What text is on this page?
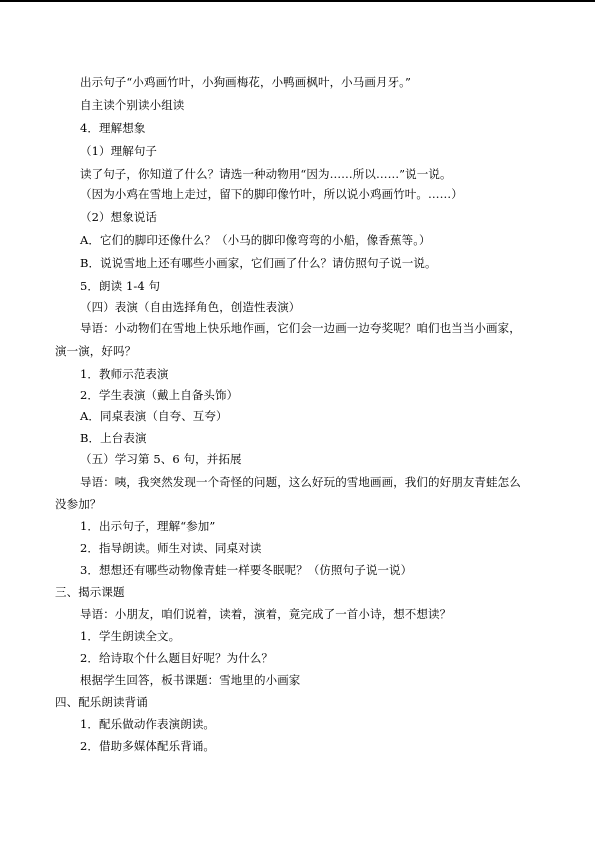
出示句子“小鸡画竹叶，小狗画梅花，小鸭画枫叶，小马画月牙。”
自主读个别读小组读
4．理解想象
（1）理解句子
读了句子，你知道了什么？请选一种动物用“因为……所以……”说一说。
（因为小鸡在雪地上走过，留下的脚印像竹叶，所以说小鸡画竹叶。……）
（2）想象说话
A．它们的脚印还像什么？（小马的脚印像弯弯的小船，像香蕉等。）
B．说说雪地上还有哪些小画家，它们画了什么？请仿照句子说一说。
5．朗读 1-4 句
（四）表演（自由选择角色，创造性表演）
导语：小动物们在雪地上快乐地作画，它们会一边画一边夸奖呢？咱们也当当小画家，
演一演，好吗？
1．教师示范表演
2．学生表演（戴上自备头饰）
A．同桌表演（自夸、互夸）
B．上台表演
（五）学习第 5、6 句，并拓展
导语：咦，我突然发现一个奇怪的问题，这么好玩的雪地画画，我们的好朋友青蛙怎么
没参加？
1．出示句子，理解“参加”
2．指导朗读。师生对读、同桌对读
3．想想还有哪些动物像青蛙一样要冬眠呢？（仿照句子说一说）
三、揭示课题
导语：小朋友，咱们说着，读着，演着，竟完成了一首小诗，想不想读？
1．学生朗读全文。
2．给诗取个什么题目好呢？为什么？
根据学生回答，板书课题：雪地里的小画家
四、配乐朗读背诵
1．配乐做动作表演朗读。
2．借助多媒体配乐背诵。
